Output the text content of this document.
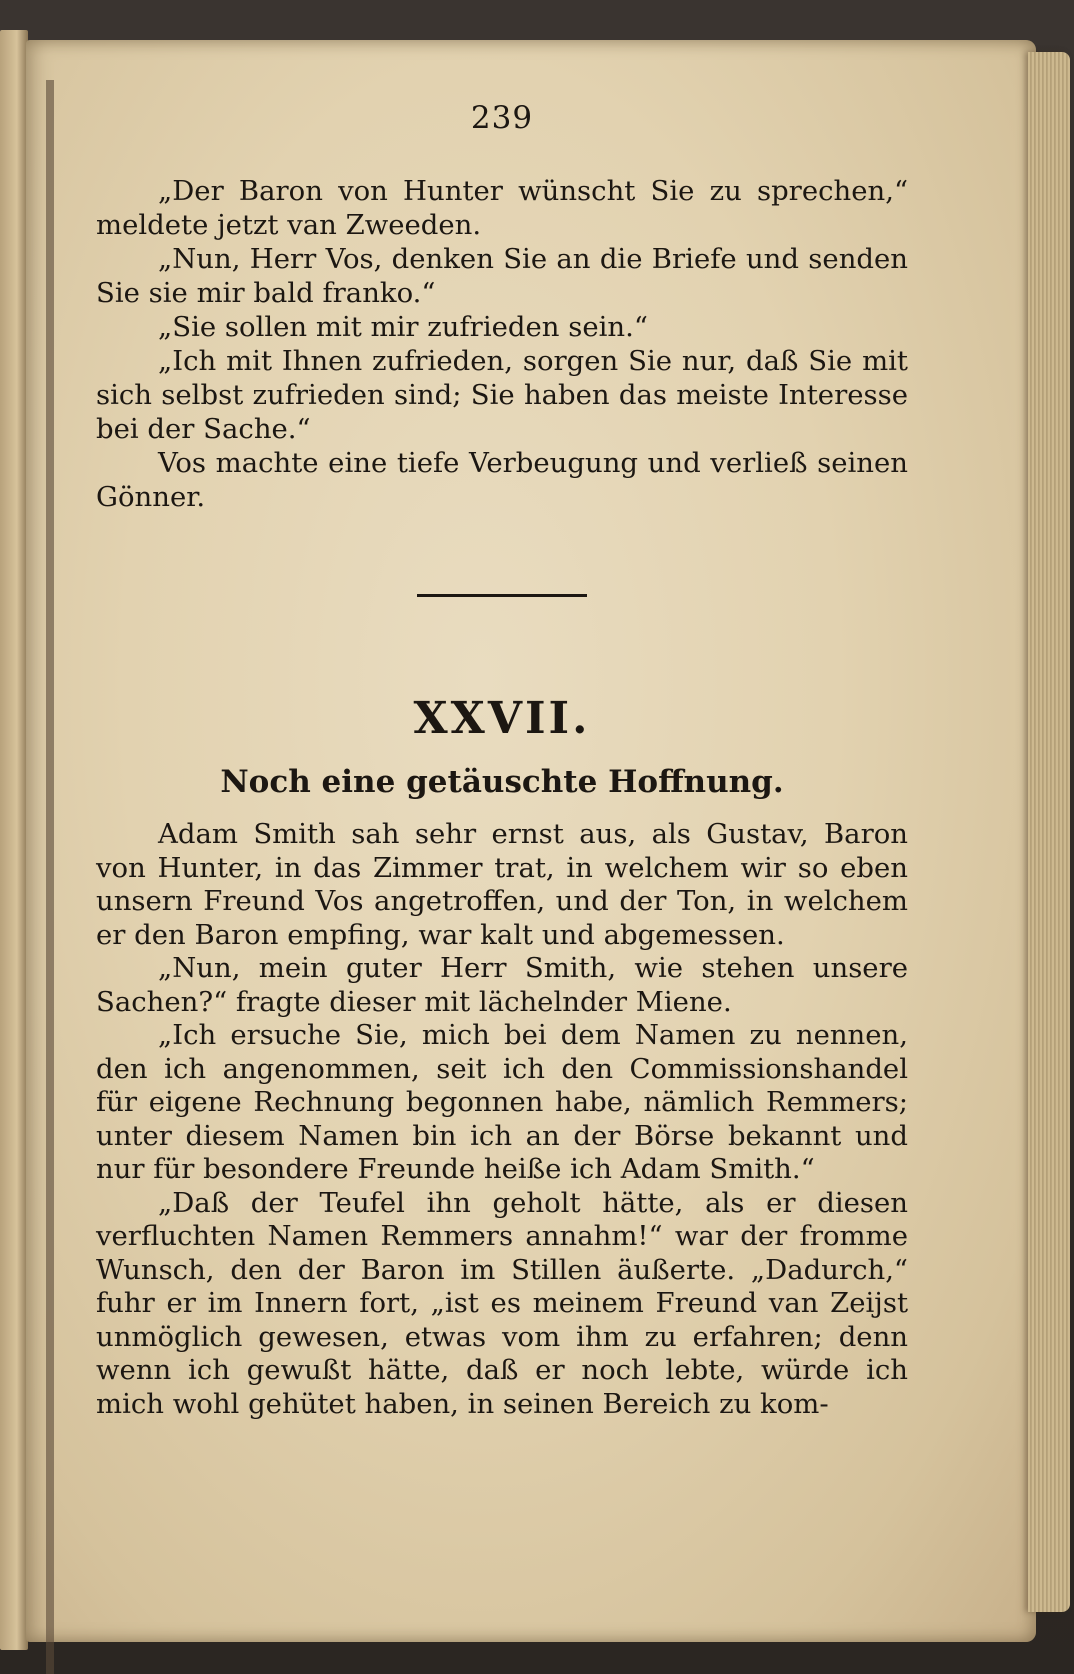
239

„Der Baron von Hunter wünscht Sie zu sprechen,“ meldete jetzt van Zweeden.

„Nun, Herr Vos, denken Sie an die Briefe und senden Sie sie mir bald franko.“

„Sie sollen mit mir zufrieden sein.“

„Ich mit Ihnen zufrieden, sorgen Sie nur, daß Sie mit sich selbst zufrieden sind; Sie haben das meiste Interesse bei der Sache.“

Vos machte eine tiefe Verbeugung und verließ seinen Gönner.

XXVII.
Noch eine getäuschte Hoffnung.

Adam Smith sah sehr ernst aus, als Gustav, Baron von Hunter, in das Zimmer trat, in welchem wir so eben unsern Freund Vos angetroffen, und der Ton, in welchem er den Baron empfing, war kalt und abgemessen.

„Nun, mein guter Herr Smith, wie stehen unsere Sachen?“ fragte dieser mit lächelnder Miene.

„Ich ersuche Sie, mich bei dem Namen zu nennen, den ich angenommen, seit ich den Commissionshandel für eigene Rechnung begonnen habe, nämlich Remmers; unter diesem Namen bin ich an der Börse bekannt und nur für besondere Freunde heiße ich Adam Smith.“

„Daß der Teufel ihn geholt hätte, als er diesen verfluchten Namen Remmers annahm!“ war der fromme Wunsch, den der Baron im Stillen äußerte. „Dadurch,“ fuhr er im Innern fort, „ist es meinem Freund van Zeijst unmöglich gewesen, etwas vom ihm zu erfahren; denn wenn ich gewußt hätte, daß er noch lebte, würde ich mich wohl gehütet haben, in seinen Bereich zu kom-
